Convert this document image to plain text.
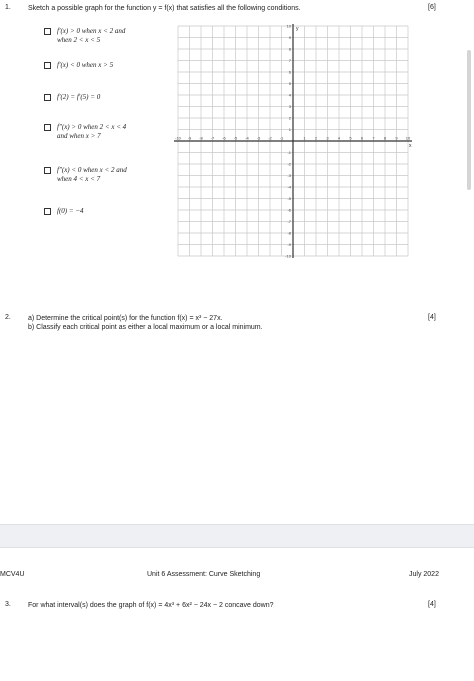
1. Sketch a possible graph for the function y = f(x) that satisfies all the following conditions.	[6]
f′(x) > 0 when x < 2 and
when 2 < x < 5
f′(x) < 0 when x > 5
f′(2) = f′(5) = 0
f″(x) > 0 when 2 < x < 4
and when x > 7
f″(x) < 0 when x < 2 and
when 4 < x < 7
f(0) = −4
-10 -9 -8 -7 -6 -5 -4 -3 -2 -1	1 2 3 4 5 6 7 8 9 10
10
9
8
7
6
5
4
3
2
1
-1
-2
-3
-4
-5
-6
-7
-8
-9
-10
x
y
2. a) Determine the critical point(s) for the function f(x) = x³ − 27x.
b) Classify each critical point as either a local maximum or a local minimum.
[4]
MCV4U	Unit 6 Assessment: Curve Sketching	July 2022
3. For what interval(s) does the graph of f(x) = 4x³ + 6x² − 24x − 2 concave down?	[4]
